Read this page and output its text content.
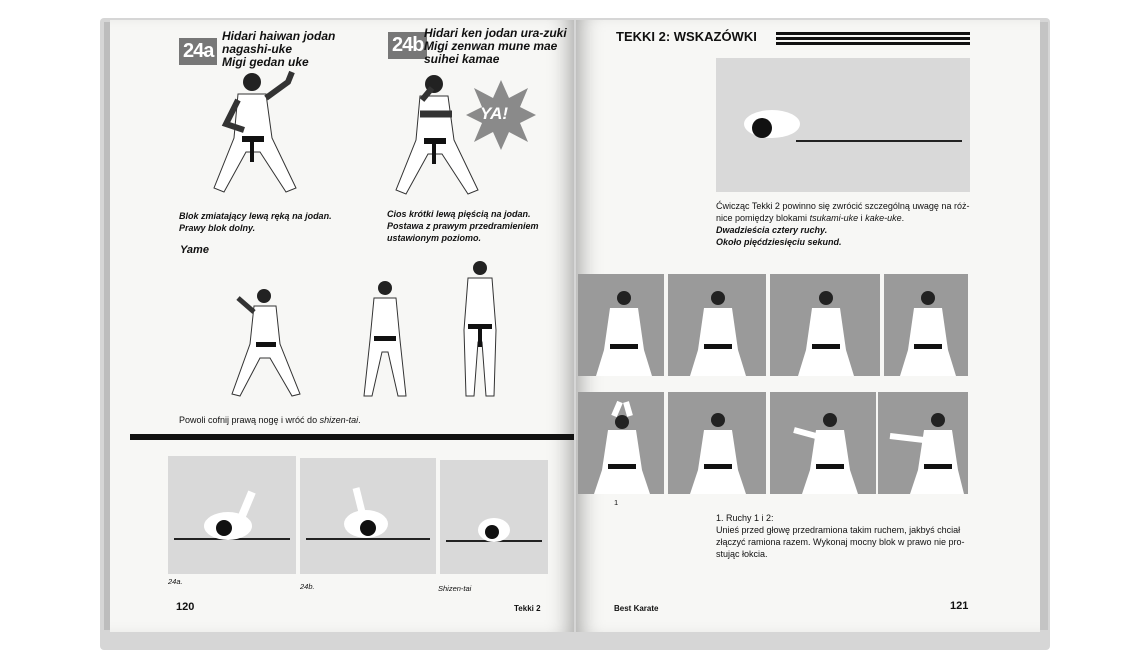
24a
Hidari haiwan jodan
nagashi-uke
Migi gedan uke
24b
Hidari ken jodan ura-zuki
Migi zenwan mune mae
suihei kamae
YA!
Blok zmiatający lewą ręką na jodan.
Prawy blok dolny.
Cios krótki lewą pięścią na jodan.
Postawa z prawym przedramieniem
ustawionym poziomo.
Yame
Powoli cofnij prawą nogę i wróć do shizen-tai.
24a.
24b.	Shizen-tai
120	Tekki 2
TEKKI 2: WSKAZÓWKI
Ćwicząc Tekki 2 powinno się zwrócić szczególną uwagę na róż-
nice pomiędzy blokami tsukami-uke i kake-uke.
Dwadzieścia cztery ruchy.
Około pięćdziesięciu sekund.
1
1. Ruchy 1 i 2:
Unieś przed głowę przedramiona takim ruchem, jakbyś chciał
złączyć ramiona razem. Wykonaj mocny blok w prawo nie pro-
stując łokcia.
Best Karate	121
